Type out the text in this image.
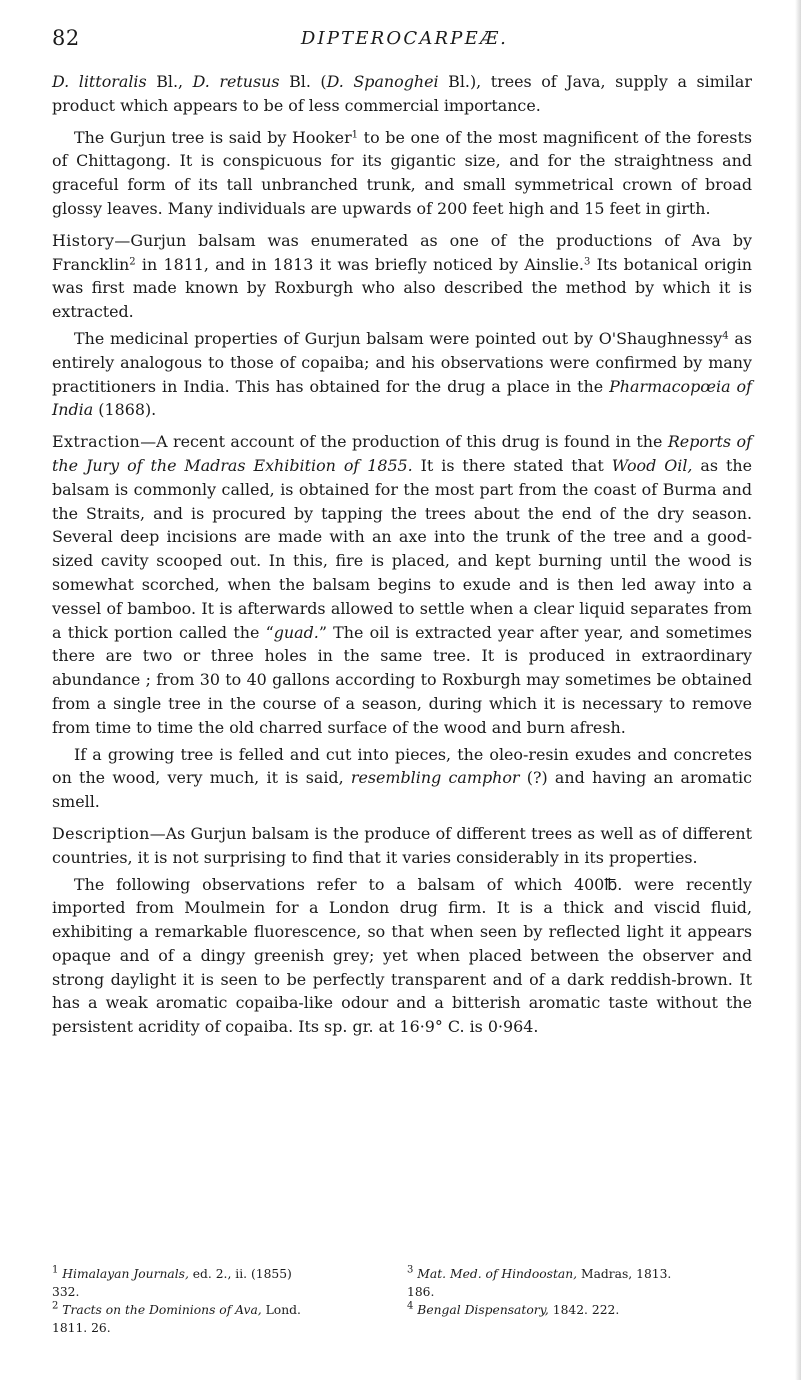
82	DIPTEROCARPEÆ.

D. littoralis Bl., D. retusus Bl. (D. Spanoghei Bl.), trees of Java, supply a similar product which appears to be of less commercial importance.

The Gurjun tree is said by Hooker$^1$ to be one of the most magnificent of the forests of Chittagong. It is conspicuous for its gigantic size, and for the straightness and graceful form of its tall unbranched trunk, and small symmetrical crown of broad glossy leaves. Many individuals are upwards of 200 feet high and 15 feet in girth.

History—Gurjun balsam was enumerated as one of the productions of Ava by Francklin$^2$ in 1811, and in 1813 it was briefly noticed by Ainslie.$^3$ Its botanical origin was first made known by Roxburgh who also described the method by which it is extracted.

The medicinal properties of Gurjun balsam were pointed out by O'Shaughnessy$^4$ as entirely analogous to those of copaiba; and his observations were confirmed by many practitioners in India. This has obtained for the drug a place in the Pharmacopœia of India (1868).

Extraction—A recent account of the production of this drug is found in the Reports of the Jury of the Madras Exhibition of 1855. It is there stated that Wood Oil, as the balsam is commonly called, is obtained for the most part from the coast of Burma and the Straits, and is procured by tapping the trees about the end of the dry season. Several deep incisions are made with an axe into the trunk of the tree and a good-sized cavity scooped out. In this, fire is placed, and kept burning until the wood is somewhat scorched, when the balsam begins to exude and is then led away into a vessel of bamboo. It is afterwards allowed to settle when a clear liquid separates from a thick portion called the “guad.” The oil is extracted year after year, and sometimes there are two or three holes in the same tree. It is produced in extraordinary abundance ; from 30 to 40 gallons according to Roxburgh may sometimes be obtained from a single tree in the course of a season, during which it is necessary to remove from time to time the old charred surface of the wood and burn afresh.

If a growing tree is felled and cut into pieces, the oleo-resin exudes and concretes on the wood, very much, it is said, resembling camphor (?) and having an aromatic smell.

Description—As Gurjun balsam is the produce of different trees as well as of different countries, it is not surprising to find that it varies considerably in its properties.

The following observations refer to a balsam of which 400℔. were recently imported from Moulmein for a London drug firm. It is a thick and viscid fluid, exhibiting a remarkable fluorescence, so that when seen by reflected light it appears opaque and of a dingy greenish grey; yet when placed between the observer and strong daylight it is seen to be perfectly transparent and of a dark reddish-brown. It has a weak aromatic copaiba-like odour and a bitterish aromatic taste without the persistent acridity of copaiba. Its sp. gr. at 16·9° C. is 0·964.

$^1$ Himalayan Journals, ed. 2., ii. (1855)	$^3$ Mat. Med. of Hindoostan, Madras, 1813.
332.	186.
$^2$ Tracts on the Dominions of Ava, Lond.	$^4$ Bengal Dispensatory, 1842. 222.
1811. 26.
